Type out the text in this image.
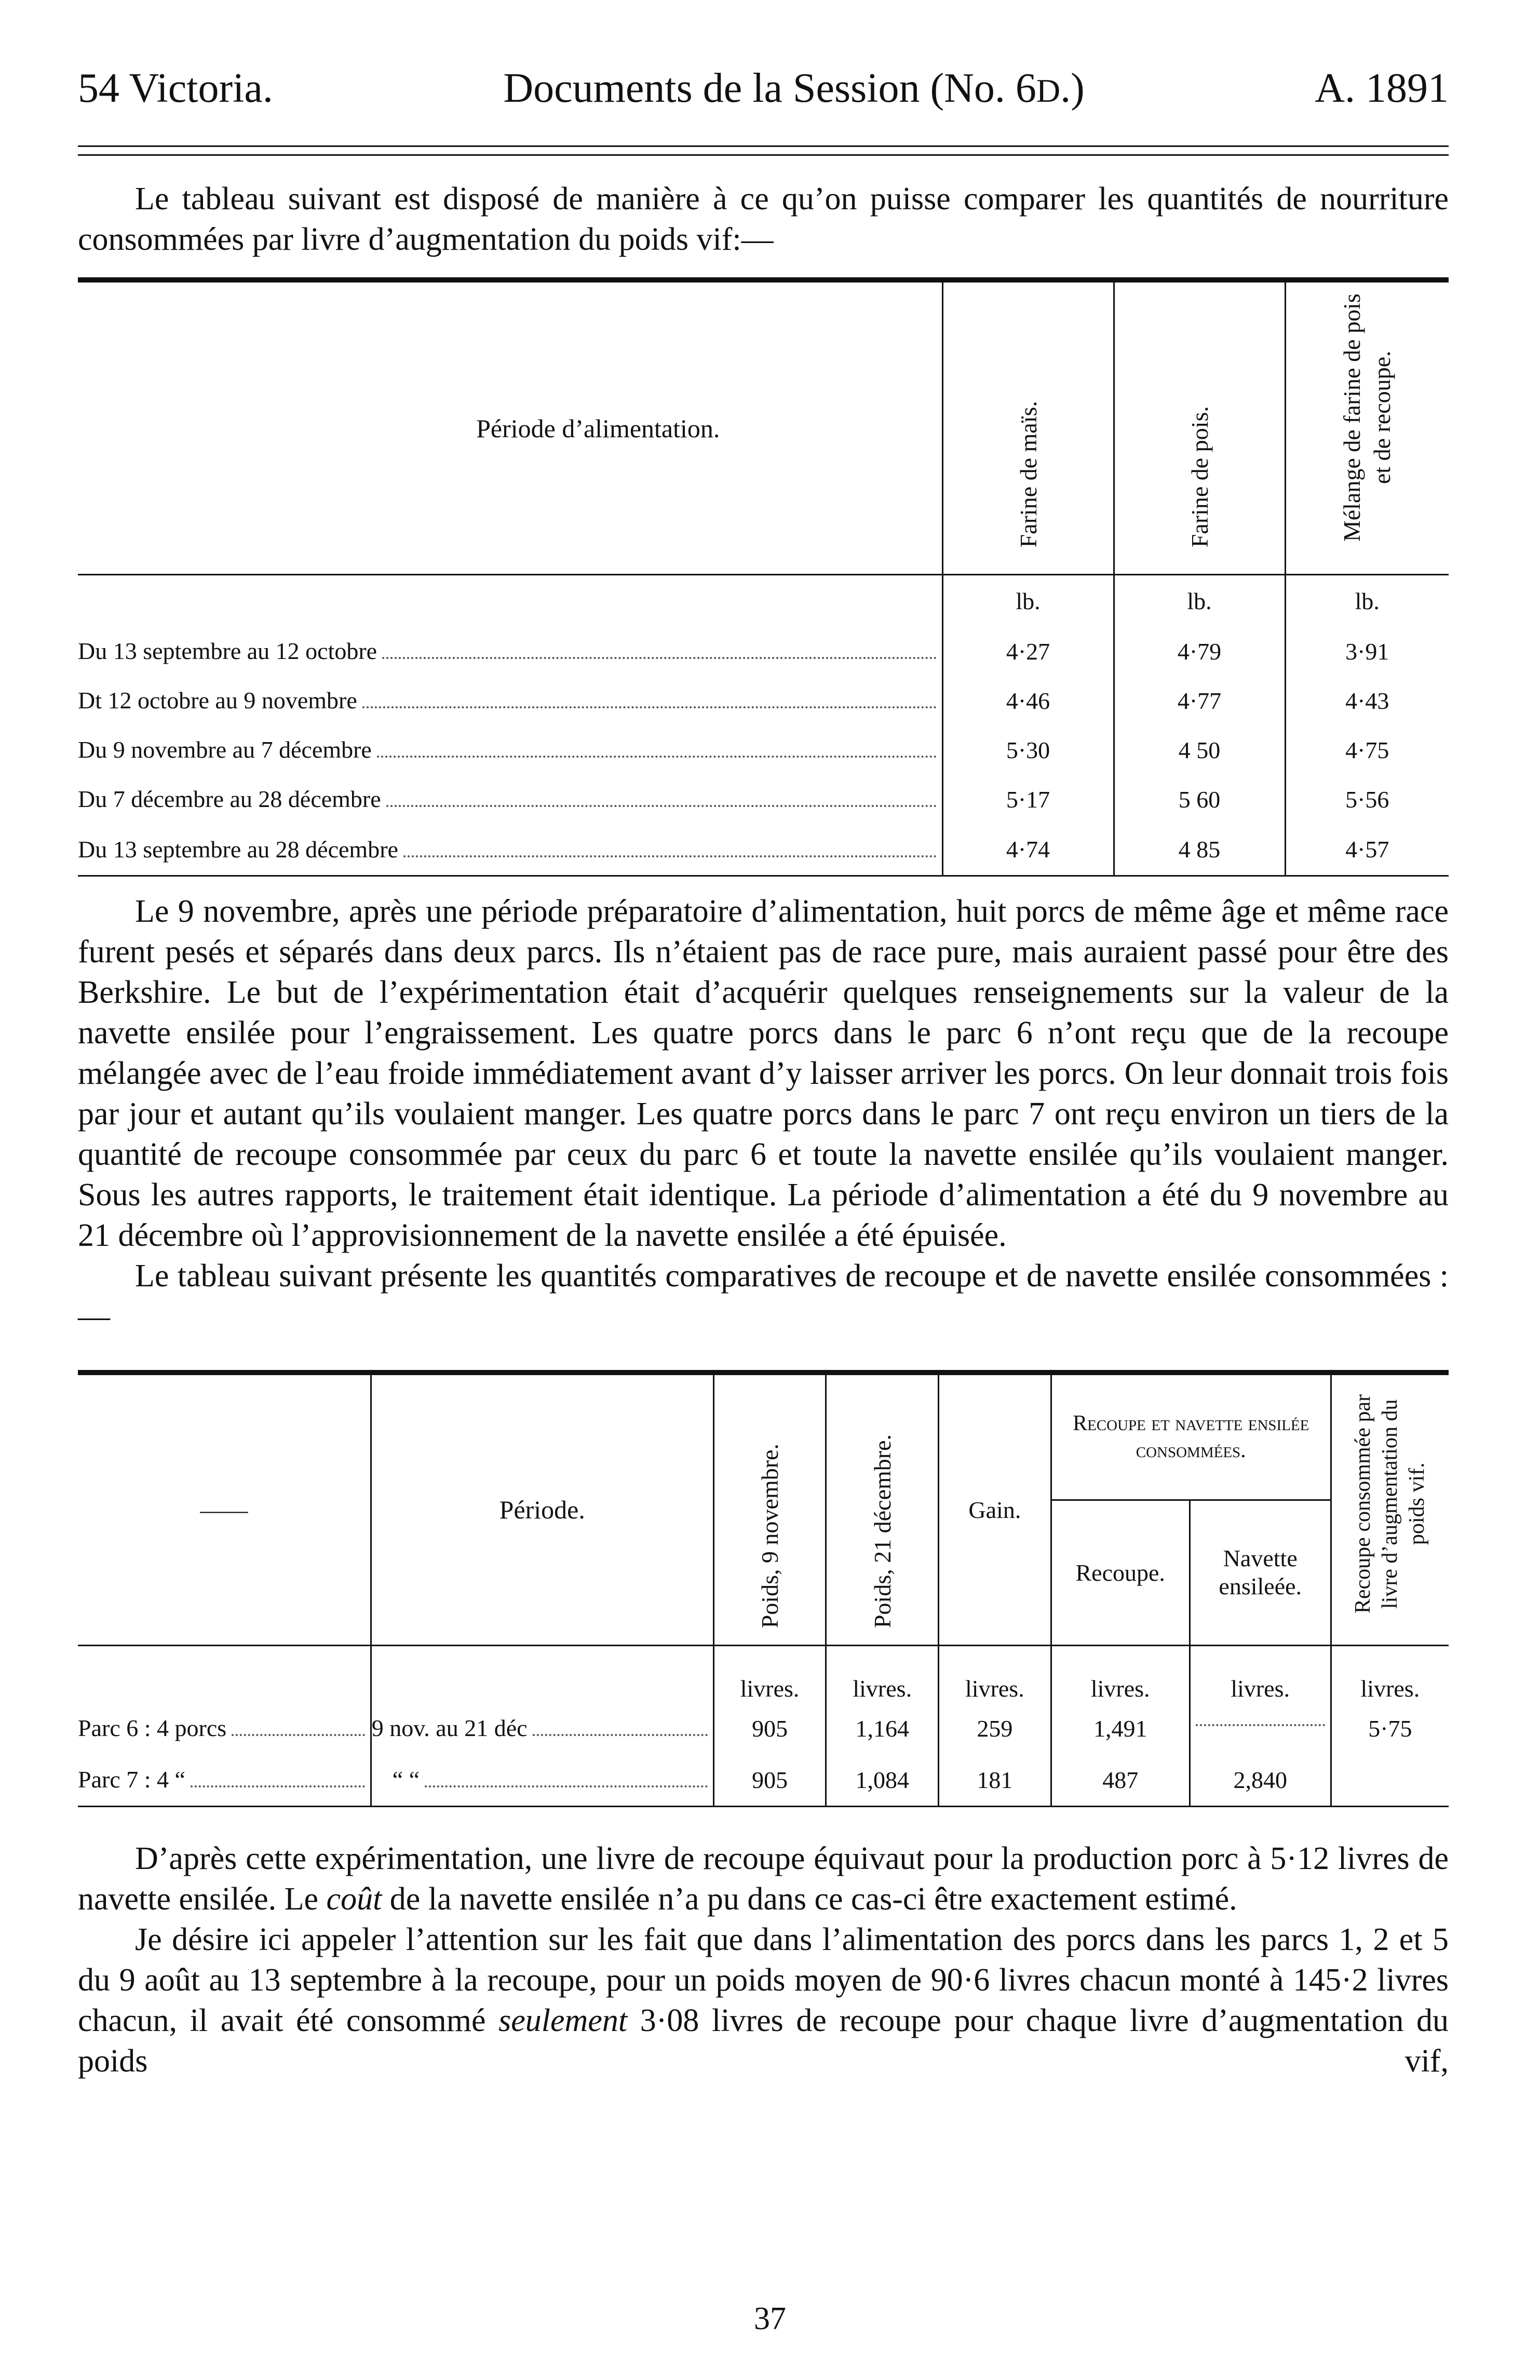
54 Victoria.	Documents de la Session (No. 6D.)	A. 1891

Le tableau suivant est disposé de manière à ce qu’on puisse comparer les quantités de nourriture consommées par livre d’augmentation du poids vif:—

Période d’alimentation.	Farine de maïs.	Farine de pois.	Mélange de farine de pois et de recoupe.
	lb.	lb.	lb.

Du 13 septembre au 12 octobre	4·27	4·79	3·91

Dt 12 octobre au 9 novembre	4·46	4·77	4·43

Du 9 novembre au 7 décembre	5·30	4 50	4·75

Du 7 décembre au 28 décembre	5·17	5 60	5·56

Du 13 septembre au 28 décembre	4·74	4 85	4·57

Le 9 novembre, après une période préparatoire d’alimentation, huit porcs de même âge et même race furent pesés et séparés dans deux parcs. Ils n’étaient pas de race pure, mais auraient passé pour être des Berkshire. Le but de l’expérimentation était d’acquérir quelques renseignements sur la valeur de la navette ensilée pour l’engraissement. Les quatre porcs dans le parc 6 n’ont reçu que de la recoupe mélangée avec de l’eau froide immédiatement avant d’y laisser arriver les porcs. On leur donnait trois fois par jour et autant qu’ils voulaient manger. Les quatre porcs dans le parc 7 ont reçu environ un tiers de la quantité de recoupe consommée par ceux du parc 6 et toute la navette ensilée qu’ils voulaient manger. Sous les autres rapports, le traitement était identique. La période d’alimentation a été du 9 novembre au 21 décembre où l’approvisionnement de la navette ensilée a été épuisée.

Le tableau suivant présente les quantités comparatives de recoupe et de navette ensilée consommées :—

——	Période.	Poids, 9 novembre.	Poids, 21 décembre.	Gain.	Recoupe et navette ensilée consommées.		Recoupe consommée par livre d’augmentation du poids vif.
					Recoupe.	Navette ensileée.	
		livres.	livres.	livres.	livres.	livres.	livres.

Parc 6 : 4 porcs	9 nov. au 21 déc	905	1,164	259	1,491		5·75

Parc 7 : 4 “	“ “	905	1,084	181	487	2,840	

D’après cette expérimentation, une livre de recoupe équivaut pour la production porc à 5·12 livres de navette ensilée. Le coût de la navette ensilée n’a pu dans ce cas-ci être exactement estimé.

Je désire ici appeler l’attention sur les fait que dans l’alimentation des porcs dans les parcs 1, 2 et 5 du 9 août au 13 septembre à la recoupe, pour un poids moyen de 90·6 livres chacun monté à 145·2 livres chacun, il avait été consommé seulement 3·08 livres de recoupe pour chaque livre d’augmentation du poids vif,

37
